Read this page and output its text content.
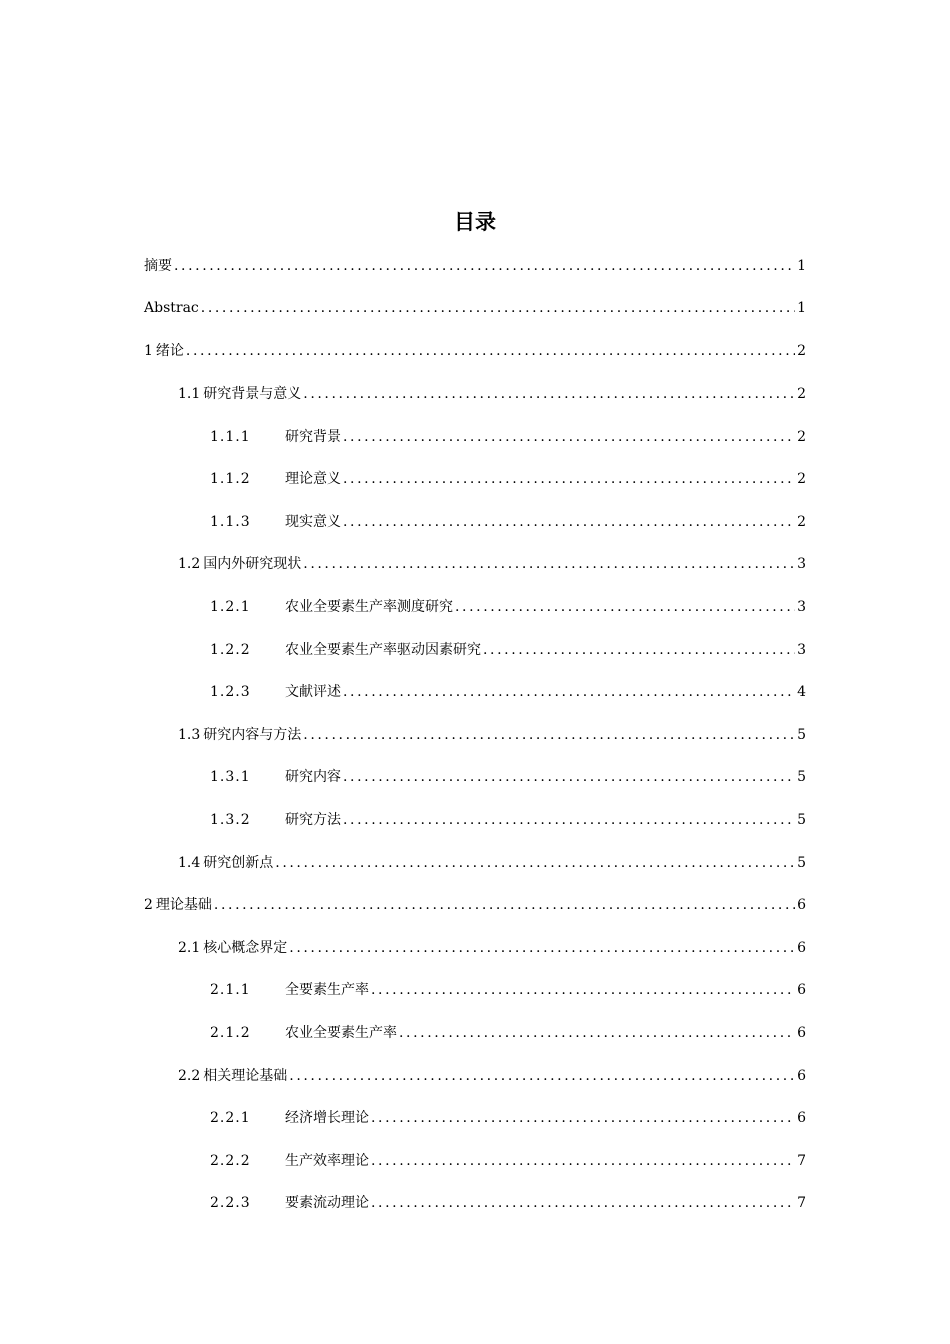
目录
摘要 .....	1
Abstrac .....	1
1 绪论 .....	2
1.1 研究背景与意义 .....	2
1.1.1	研究背景 .....	2
1.1.2	理论意义 .....	2
1.1.3	现实意义 .....	2
1.2 国内外研究现状 .....	3
1.2.1	农业全要素生产率测度研究 .....	3
1.2.2	农业全要素生产率驱动因素研究 .....	3
1.2.3	文献评述 .....	4
1.3 研究内容与方法 .....	5
1.3.1	研究内容 .....	5
1.3.2	研究方法 .....	5
1.4 研究创新点 .....	5
2 理论基础 .....	6
2.1 核心概念界定 .....	6
2.1.1	全要素生产率 .....	6
2.1.2	农业全要素生产率 .....	6
2.2 相关理论基础 .....	6
2.2.1	经济增长理论 .....	6
2.2.2	生产效率理论 .....	7
2.2.3	要素流动理论 .....	7
